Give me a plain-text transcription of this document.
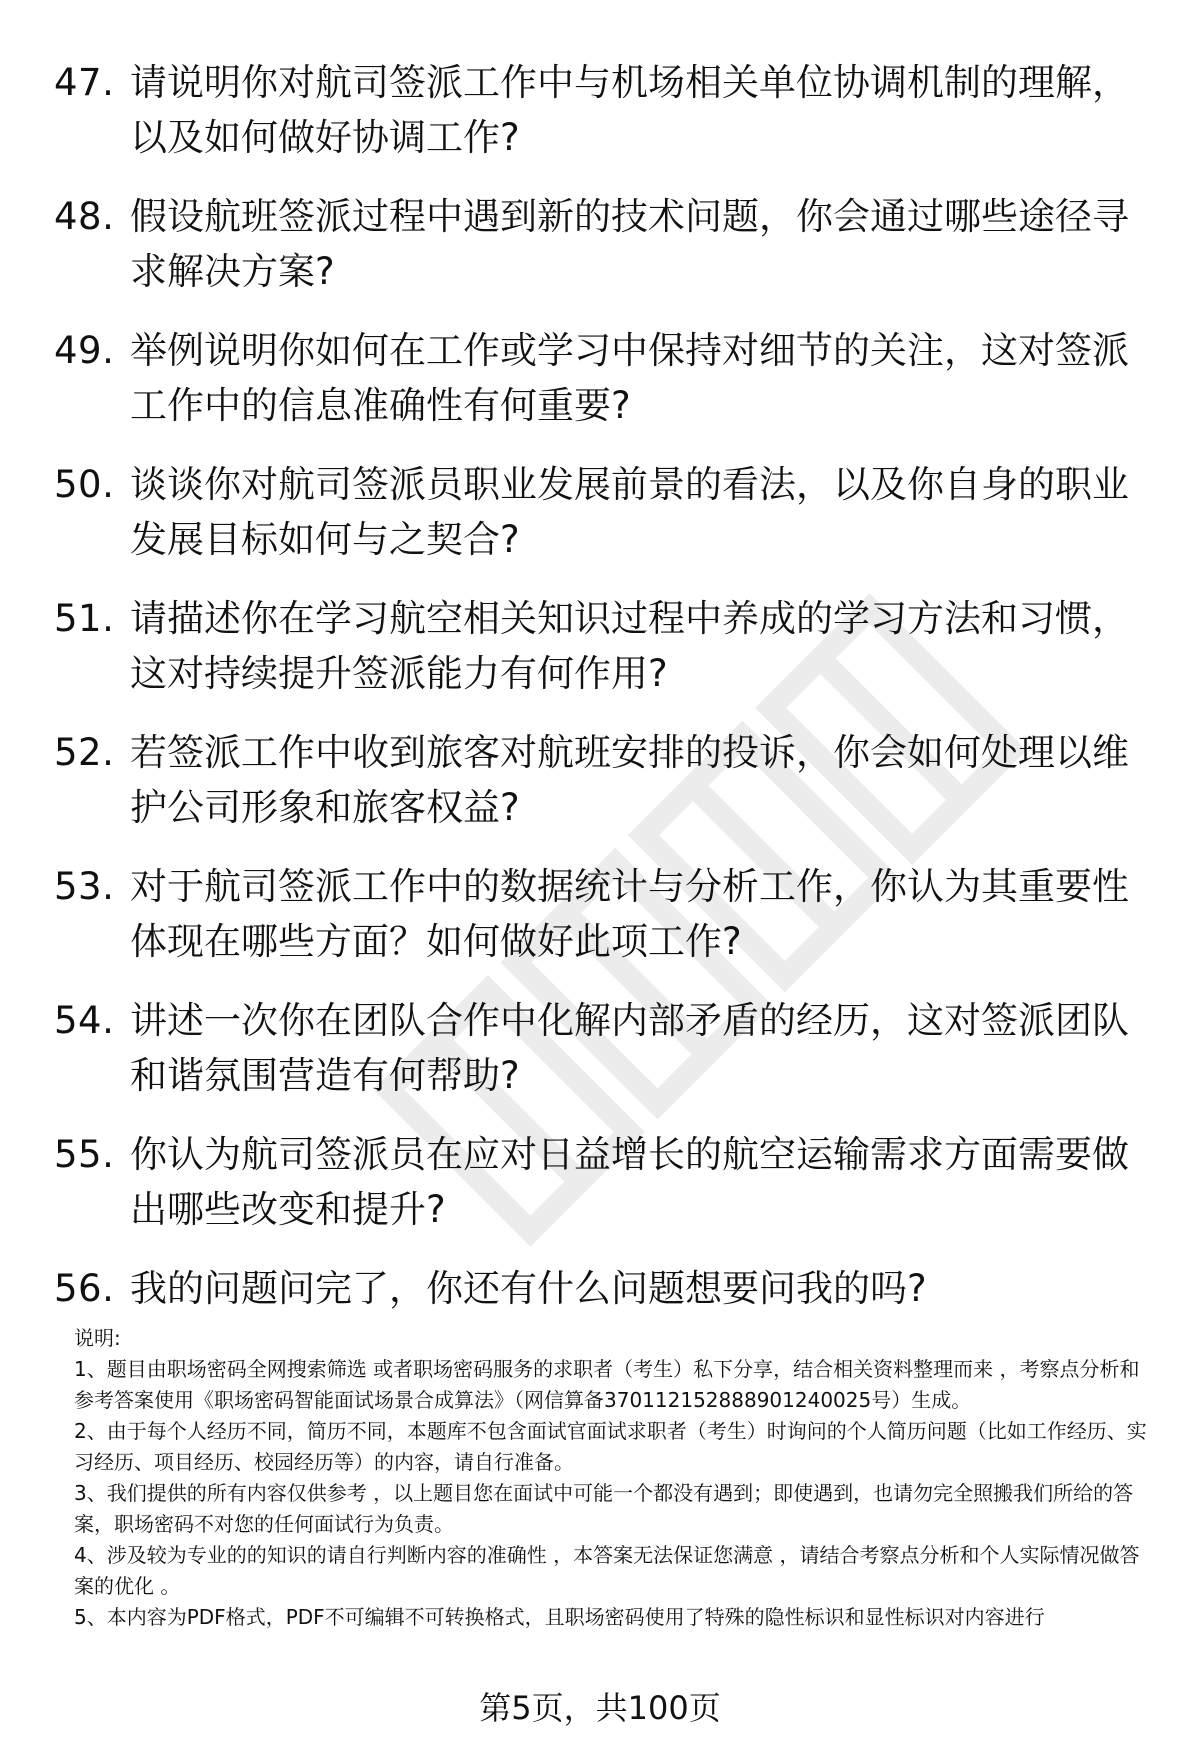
47. 请说明你对航司签派工作中与机场相关单位协调机制的理解，以及如何做好协调工作?
48. 假设航班签派过程中遇到新的技术问题，你会通过哪些途径寻求解决方案?
49. 举例说明你如何在工作或学习中保持对细节的关注，这对签派工作中的信息准确性有何重要?
50. 谈谈你对航司签派员职业发展前景的看法，以及你自身的职业发展目标如何与之契合?
51. 请描述你在学习航空相关知识过程中养成的学习方法和习惯，这对持续提升签派能力有何作用?
52. 若签派工作中收到旅客对航班安排的投诉，你会如何处理以维护公司形象和旅客权益?
53. 对于航司签派工作中的数据统计与分析工作，你认为其重要性体现在哪些方面？如何做好此项工作?
54. 讲述一次你在团队合作中化解内部矛盾的经历，这对签派团队和谐氛围营造有何帮助?
55. 你认为航司签派员在应对日益增长的航空运输需求方面需要做出哪些改变和提升?
56. 我的问题问完了，你还有什么问题想要问我的吗?

说明:

1、题目由职场密码全网搜索筛选 或者职场密码服务的求职者（考生）私下分享，结合相关资料整理而来 ，考察点分析和参考答案使用《职场密码智能面试场景合成算法》（网信算备370112152888901240025号）生成。

2、由于每个人经历不同，简历不同，本题库不包含面试官面试求职者（考生）时询问的个人简历问题（比如工作经历、实习经历、项目经历、校园经历等）的内容，请自行准备。

3、我们提供的所有内容仅供参考 ，以上题目您在面试中可能一个都没有遇到；即使遇到，也请勿完全照搬我们所给的答案，职场密码不对您的任何面试行为负责。

4、涉及较为专业的的知识的请自行判断内容的准确性 ，本答案无法保证您满意 ，请结合考察点分析和个人实际情况做答案的优化 。

5、本内容为PDF格式，PDF不可编辑不可转换格式，且职场密码使用了特殊的隐性标识和显性标识对内容进行

第5页，共100页
